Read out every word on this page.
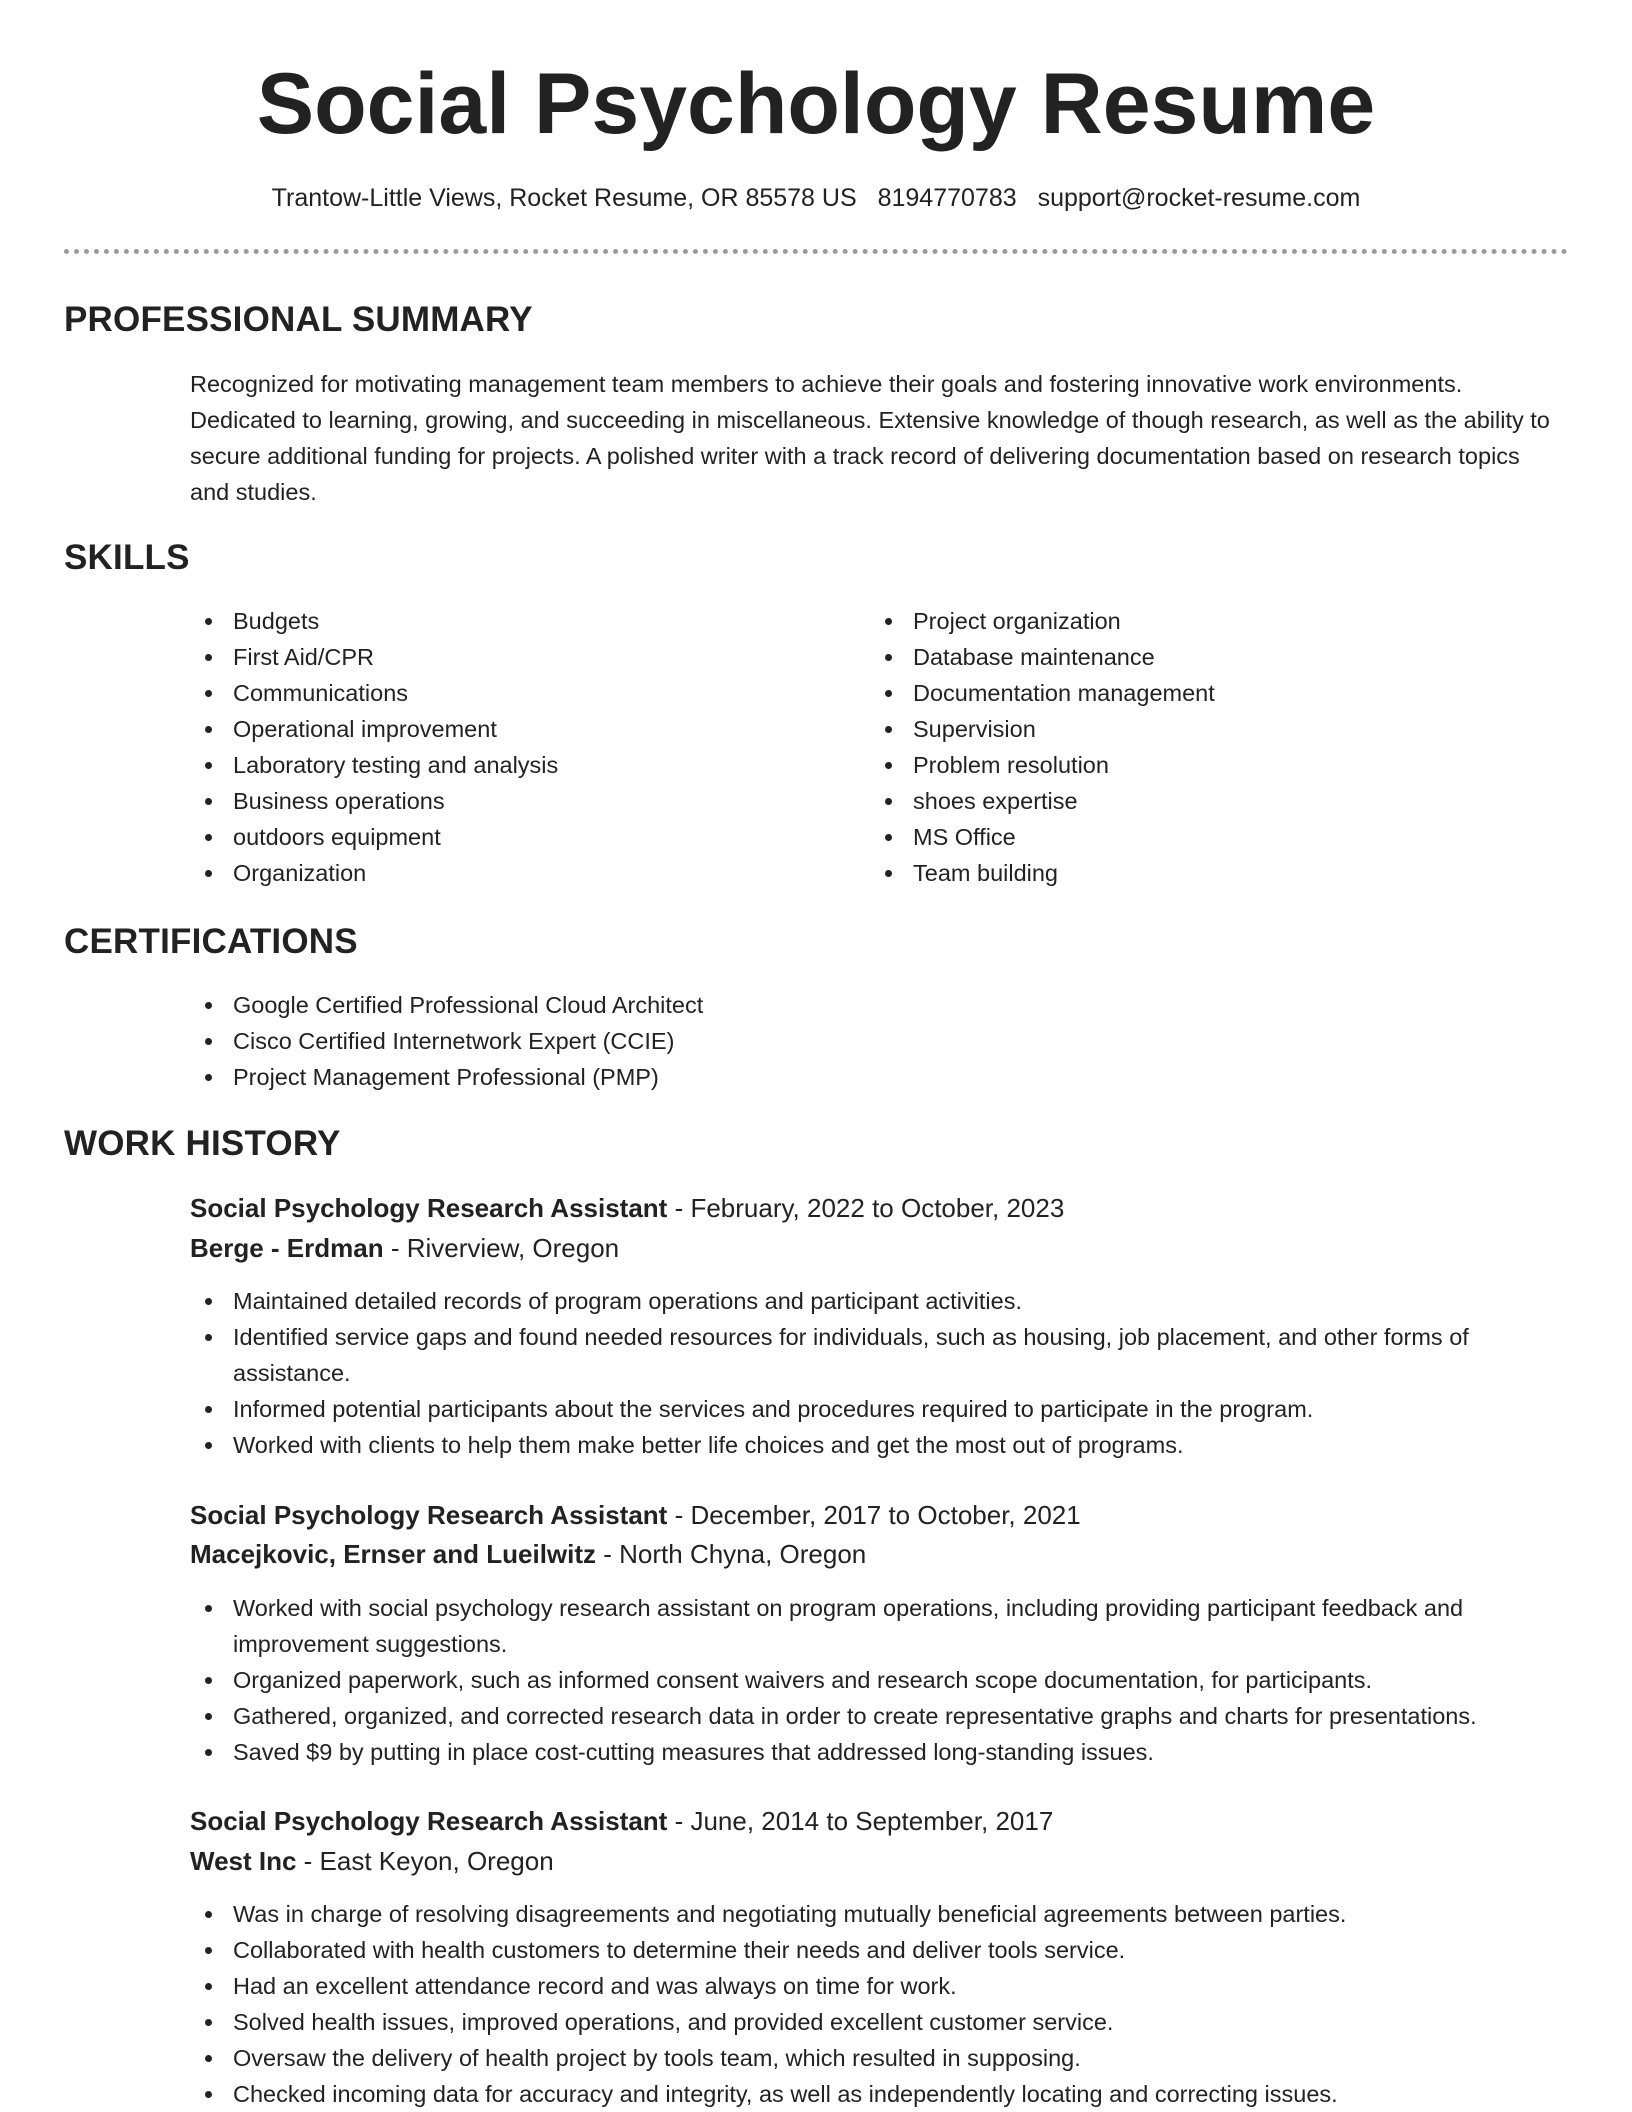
Social Psychology Resume
Trantow-Little Views, Rocket Resume, OR 85578 US 8194770783 support@rocket-resume.com
PROFESSIONAL SUMMARY

Recognized for motivating management team members to achieve their goals and fostering innovative work environments. Dedicated to learning, growing, and succeeding in miscellaneous. Extensive knowledge of though research, as well as the ability to secure additional funding for projects. A polished writer with a track record of delivering documentation based on research topics and studies.

SKILLS
Budgets
First Aid/CPR
Communications
Operational improvement
Laboratory testing and analysis
Business operations
outdoors equipment
Organization
Project organization
Database maintenance
Documentation management
Supervision
Problem resolution
shoes expertise
MS Office
Team building
CERTIFICATIONS
Google Certified Professional Cloud Architect
Cisco Certified Internetwork Expert (CCIE)
Project Management Professional (PMP)
WORK HISTORY
Social Psychology Research Assistant - February, 2022 to October, 2023
Berge - Erdman - Riverview, Oregon
Maintained detailed records of program operations and participant activities.
Identified service gaps and found needed resources for individuals, such as housing, job placement, and other forms of assistance.
Informed potential participants about the services and procedures required to participate in the program.
Worked with clients to help them make better life choices and get the most out of programs.
Social Psychology Research Assistant - December, 2017 to October, 2021
Macejkovic, Ernser and Lueilwitz - North Chyna, Oregon
Worked with social psychology research assistant on program operations, including providing participant feedback and improvement suggestions.
Organized paperwork, such as informed consent waivers and research scope documentation, for participants.
Gathered, organized, and corrected research data in order to create representative graphs and charts for presentations.
Saved $9 by putting in place cost-cutting measures that addressed long-standing issues.
Social Psychology Research Assistant - June, 2014 to September, 2017
West Inc - East Keyon, Oregon
Was in charge of resolving disagreements and negotiating mutually beneficial agreements between parties.
Collaborated with health customers to determine their needs and deliver tools service.
Had an excellent attendance record and was always on time for work.
Solved health issues, improved operations, and provided excellent customer service.
Oversaw the delivery of health project by tools team, which resulted in supposing.
Checked incoming data for accuracy and integrity, as well as independently locating and correcting issues.
